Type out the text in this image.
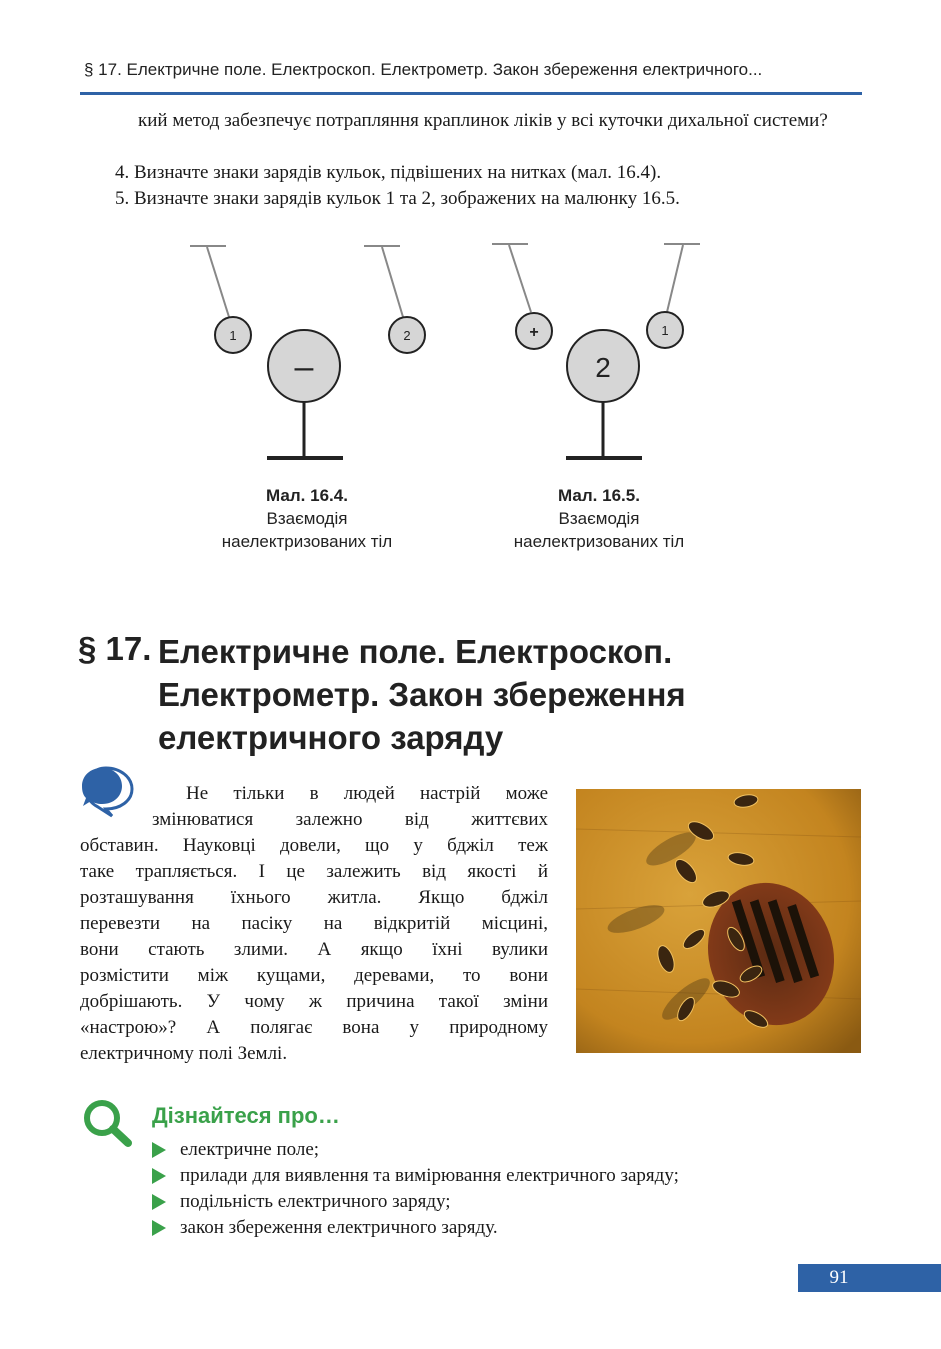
§ 17. Електричне поле. Електроскоп. Електрометр. Закон збереження електричного...
кий метод забезпечує потрапляння краплинок ліків у всі куточки дихальної системи?
4. Визначте знаки зарядів кульок, підвішених на нитках (мал. 16.4).
5. Визначте знаки зарядів кульок 1 та 2, зображених на малюнку 16.5.
1	2
–
+	1
2
Мал. 16.4.
Взаємодія
наелектризованих тіл
Мал. 16.5.
Взаємодія
наелектризованих тіл
§ 17. Електричне поле. Електроскоп.
Електрометр. Закон збереження
електричного заряду
Не тільки в людей настрій може
змінюватися залежно від життєвих
обставин. Науковці довели, що у бджіл теж
таке трапляється. І це залежить від якості й
розташування їхнього житла. Якщо бджіл
перевезти на пасіку на відкритій місцині,
вони стають злими. А якщо їхні вулики
розмістити між кущами, деревами, то вони
добрішають. У чому ж причина такої зміни
«настрою»? А полягає вона у природному
електричному полі Землі.
Дізнайтеся про…
електричне поле;
прилади для виявлення та вимірювання електричного заряду;
подільність електричного заряду;
закон збереження електричного заряду.
91
